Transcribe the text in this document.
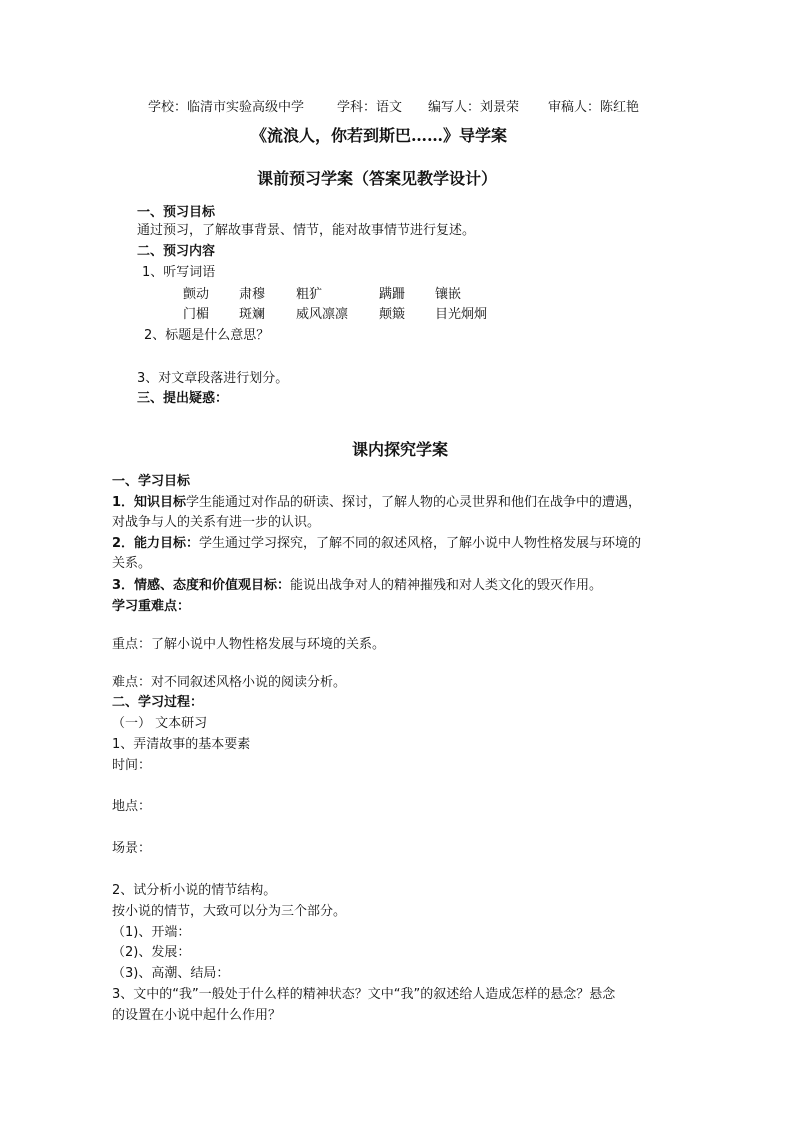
学校：临清市实验高级中学	学科：语文 编写人：刘景荣 审稿人：陈红艳
《流浪人，你若到斯巴……》导学案
课前预习学案（答案见教学设计）
一、预习目标
通过预习，了解故事背景、情节，能对故事情节进行复述。
二、预习内容
1、听写词语
颤动 肃穆 粗犷	蹒跚 镶嵌
门楣 斑斓 威风凛凛 颠簸 目光炯炯
2、标题是什么意思？
3、对文章段落进行划分。
三、提出疑惑：
课内探究学案
一、学习目标
1．知识目标学生能通过对作品的研读、探讨，了解人物的心灵世界和他们在战争中的遭遇，
对战争与人的关系有进一步的认识。
2．能力目标：学生通过学习探究，了解不同的叙述风格，了解小说中人物性格发展与环境的
关系。
3．情感、态度和价值观目标：能说出战争对人的精神摧残和对人类文化的毁灭作用。
学习重难点：
重点：了解小说中人物性格发展与环境的关系。
难点：对不同叙述风格小说的阅读分析。
二、学习过程：
（一） 文本研习
1、弄清故事的基本要素
时间：
地点：
场景：
2、试分析小说的情节结构。
按小说的情节，大致可以分为三个部分。
（1)、开端：
（2)、发展：
（3)、高潮、结局：
3、文中的“我”一般处于什么样的精神状态？文中“我”的叙述给人造成怎样的悬念？悬念
的设置在小说中起什么作用？
